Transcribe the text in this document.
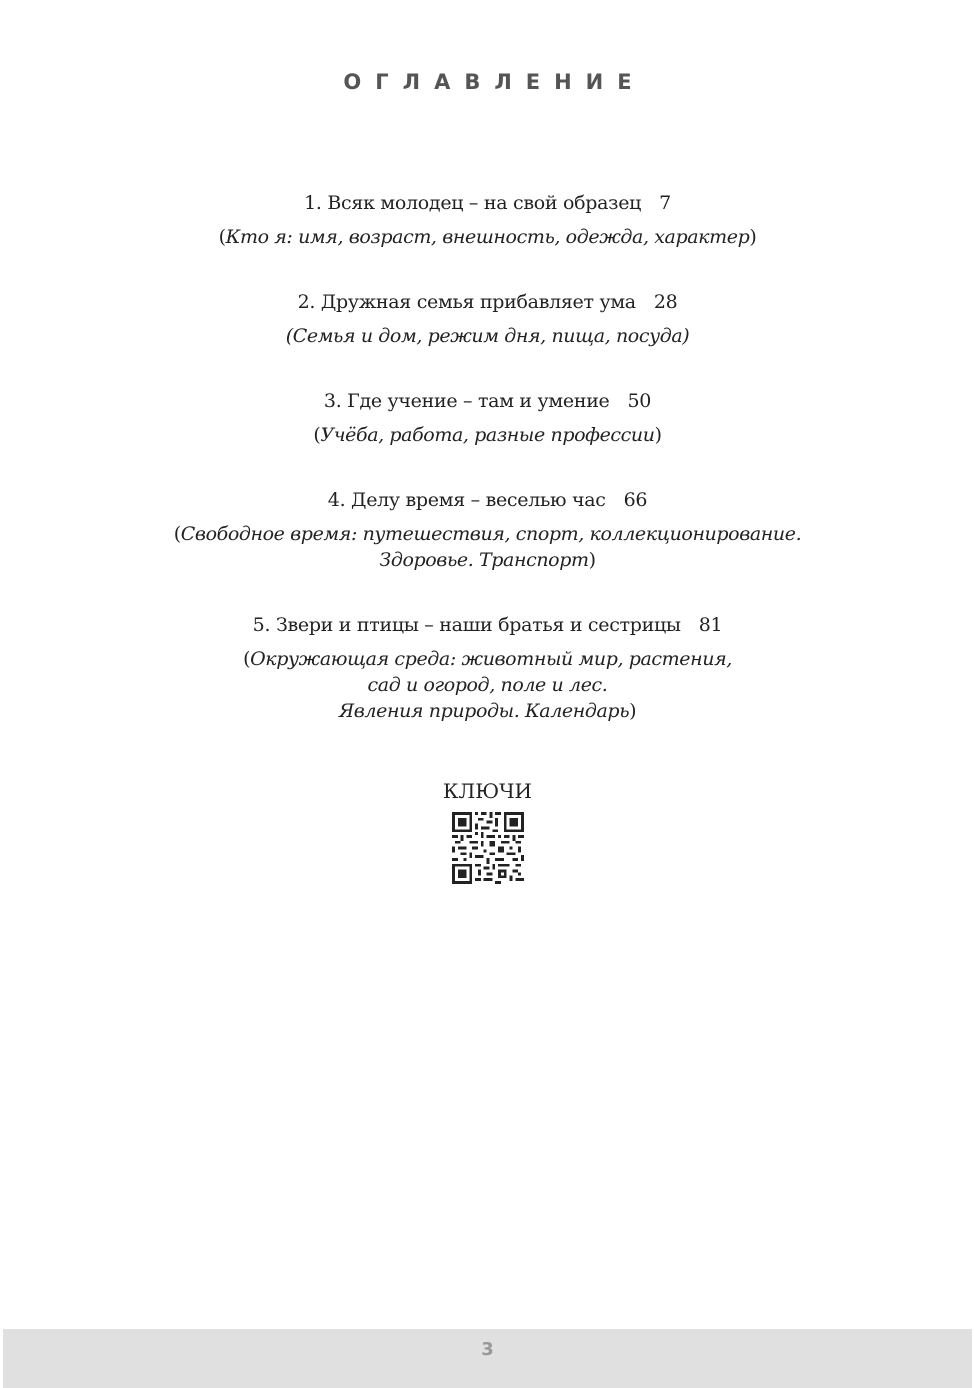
ОГЛАВЛЕНИЕ
1. Всяк молодец – на свой образец 7
(Кто я: имя, возраст, внешность, одежда, характер)
2. Дружная семья прибавляет ума 28
(Семья и дом, режим дня, пища, посуда)
3. Где учение – там и умение 50
(Учёба, работа, разные профессии)
4. Делу время – веселью час 66
(Свободное время: путешествия, спорт, коллекционирование.
Здоровье. Транспорт)
5. Звери и птицы – наши братья и сестрицы 81
(Окружающая среда: животный мир, растения,
сад и огород, поле и лес.
Явления природы. Календарь)
КЛЮЧИ
3
